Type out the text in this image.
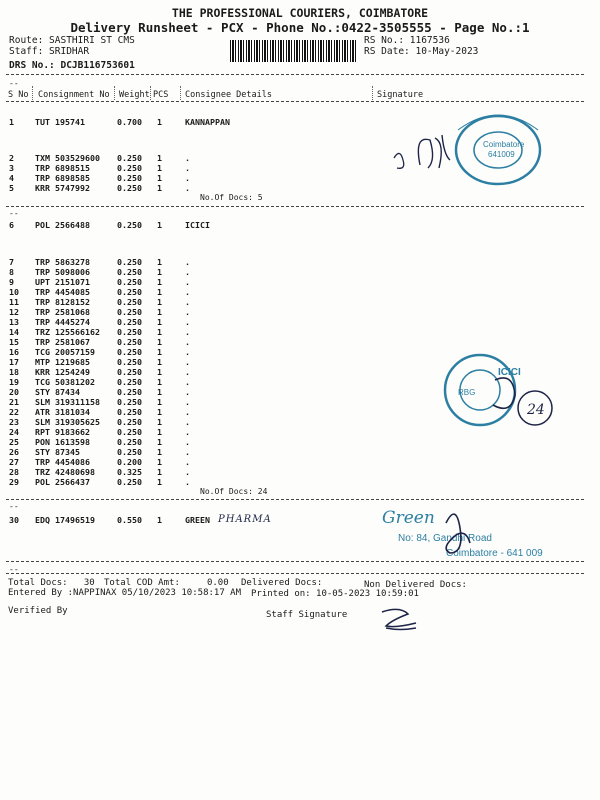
THE PROFESSIONAL COURIERS, COIMBATORE
Delivery Runsheet - PCX - Phone No.:0422-3505555 - Page No.:1
Route: SASTHIRI ST CMS
Staff: SRIDHAR
DRS No.: DCJB116753601
RS No.: 1167536
RS Date: 10-May-2023
--
S No Consignment No Weight PCS Consignee Details	Signature
1	TUT 195741	0.700 1	KANNAPPAN
2	TXM 503529600 0.250 1	.
3	TRP 6898515	0.250 1	.
4	TRP 6898585	0.250 1	.
5	KRR 5747992	0.250 1	.
6	POL 2566488	0.250 1	ICICI
7	TRP 5863278	0.250 1	.
8	TRP 5098006	0.250 1	.
9	UPT 2151071	0.250 1	.
10 TRP 4454085	0.250 1	.
11 TRP 8128152	0.250 1	.
12 TRP 2581068	0.250 1	.
13 TRP 4445274	0.250 1	.
14 TRZ 125566162 0.250 1	.
15 TRP 2581067	0.250 1	.
16 TCG 20057159	0.250 1	.
17 MTP 1219685	0.250 1	.
18 KRR 1254249	0.250 1	.
19 TCG 50381202	0.250 1	.
20 STY 87434	0.250 1	.
21 SLM 319311158 0.250 1	.
22 ATR 3181034	0.250 1	.
23 SLM 319305625 0.250 1	.
24 RPT 9183662	0.250 1	.
25 PON 1613598	0.250 1	.
26 STY 87345	0.250 1	.
27 TRP 4454086	0.200 1	.
28 TRZ 42480698	0.325 1	.
29 POL 2566437	0.250 1	.
30 EDQ 17496519	0.550 1	GREEN
No.Of Docs: 5
--
No.Of Docs: 24
--
--
PHARMA
Total Docs:   30 Total COD Amt:     0.00 Delivered Docs:	Non Delivered Docs:
Entered By :NAPPINAX 05/10/2023 10:58:17 AM Printed on: 10-05-2023 10:59:01
Verified By	Staff Signature
Coimbatore
641009
ICICI
RBG
24
Green
No: 84, Gandhi Road
Coimbatore - 641 009
